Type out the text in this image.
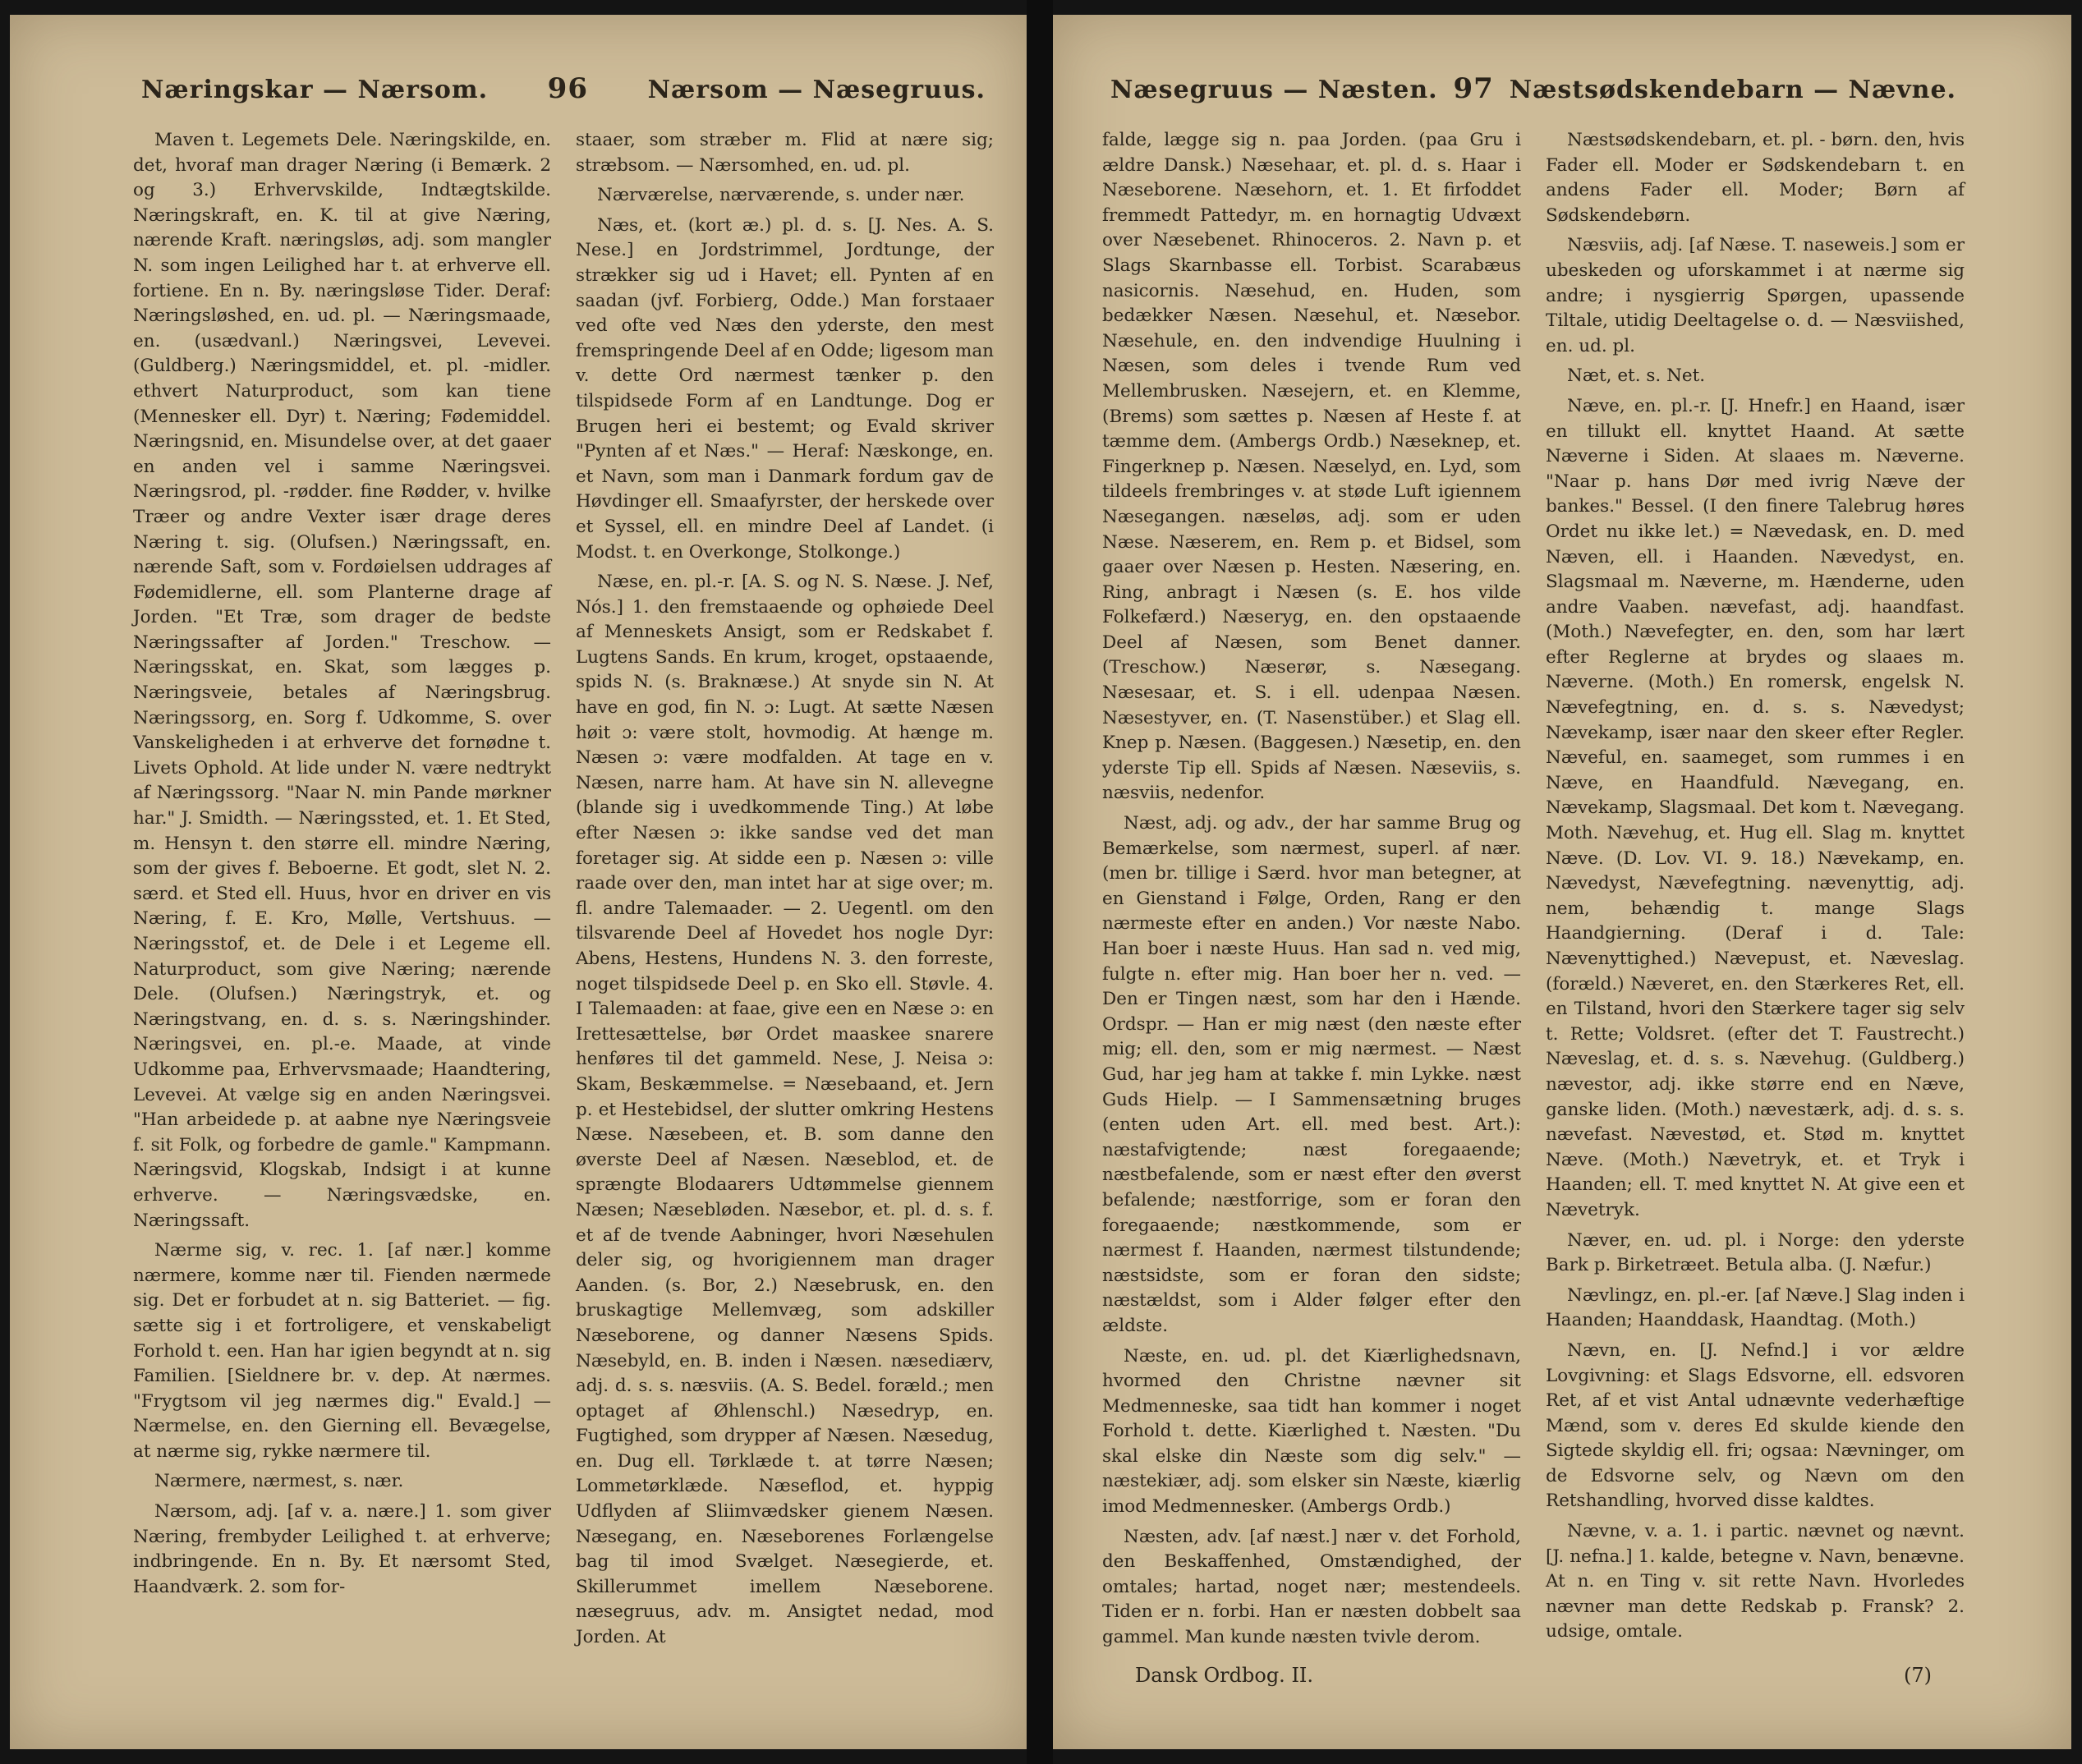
Næringskar — Nærsom. 96 Nærsom — Næsegruus.

Maven t. Legemets Dele. Næringskilde, en. det, hvoraf man drager Næring (i Bemærk. 2 og 3.) Erhvervskilde, Indtægtskilde. Næringskraft, en. K. til at give Næring, nærende Kraft. næringsløs, adj. som mangler N. som ingen Leilighed har t. at erhverve ell. fortiene. En n. By. næringsløse Tider. Deraf: Næringsløshed, en. ud. pl. — Næringsmaade, en. (usædvanl.) Næringsvei, Levevei. (Guldberg.) Næringsmiddel, et. pl. -midler. ethvert Naturproduct, som kan tiene (Mennesker ell. Dyr) t. Næring; Fødemiddel. Næringsnid, en. Misundelse over, at det gaaer en anden vel i samme Næringsvei. Næringsrod, pl. -rødder. fine Rødder, v. hvilke Træer og andre Vexter især drage deres Næring t. sig. (Olufsen.) Næringssaft, en. nærende Saft, som v. Fordøielsen uddrages af Fødemidlerne, ell. som Planterne drage af Jorden. "Et Træ, som drager de bedste Næringssafter af Jorden." Treschow. — Næringsskat, en. Skat, som lægges p. Næringsveie, betales af Næringsbrug. Næringssorg, en. Sorg f. Udkomme, S. over Vanskeligheden i at erhverve det fornødne t. Livets Ophold. At lide under N. være nedtrykt af Næringssorg. "Naar N. min Pande mørkner har." J. Smidth. — Næringssted, et. 1. Et Sted, m. Hensyn t. den større ell. mindre Næring, som der gives f. Beboerne. Et godt, slet N. 2. særd. et Sted ell. Huus, hvor en driver en vis Næring, f. E. Kro, Mølle, Vertshuus. — Næringsstof, et. de Dele i et Legeme ell. Naturproduct, som give Næring; nærende Dele. (Olufsen.) Næringstryk, et. og Næringstvang, en. d. s. s. Næringshinder. Næringsvei, en. pl.-e. Maade, at vinde Udkomme paa, Erhvervsmaade; Haandtering, Levevei. At vælge sig en anden Næringsvei. "Han arbeidede p. at aabne nye Næringsveie f. sit Folk, og forbedre de gamle." Kampmann. Næringsvid, Klogskab, Indsigt i at kunne erhverve. — Næringsvædske, en. Næringssaft.

Nærme sig, v. rec. 1. [af nær.] komme nærmere, komme nær til. Fienden nærmede sig. Det er forbudet at n. sig Batteriet. — fig. sætte sig i et fortroligere, et venskabeligt Forhold t. een. Han har igien begyndt at n. sig Familien. [Sieldnere br. v. dep. At nærmes. "Frygtsom vil jeg nærmes dig." Evald.] — Nærmelse, en. den Gierning ell. Bevægelse, at nærme sig, rykke nærmere til.

Nærmere, nærmest, s. nær.

Nærsom, adj. [af v. a. nære.] 1. som giver Næring, frembyder Leilighed t. at erhverve; indbringende. En n. By. Et nærsomt Sted, Haandværk. 2. som for-

staaer, som stræber m. Flid at nære sig; stræbsom. — Nærsomhed, en. ud. pl.

Nærværelse, nærværende, s. under nær.

Næs, et. (kort æ.) pl. d. s. [J. Nes. A. S. Nese.] en Jordstrimmel, Jordtunge, der strækker sig ud i Havet; ell. Pynten af en saadan (jvf. Forbierg, Odde.) Man forstaaer ved ofte ved Næs den yderste, den mest fremspringende Deel af en Odde; ligesom man v. dette Ord nærmest tænker p. den tilspidsede Form af en Landtunge. Dog er Brugen heri ei bestemt; og Evald skriver "Pynten af et Næs." — Heraf: Næskonge, en. et Navn, som man i Danmark fordum gav de Høvdinger ell. Smaafyrster, der herskede over et Syssel, ell. en mindre Deel af Landet. (i Modst. t. en Overkonge, Stolkonge.)

Næse, en. pl.-r. [A. S. og N. S. Næse. J. Nef, Nós.] 1. den fremstaaende og ophøiede Deel af Menneskets Ansigt, som er Redskabet f. Lugtens Sands. En krum, kroget, opstaaende, spids N. (s. Braknæse.) At snyde sin N. At have en god, fin N. ɔ: Lugt. At sætte Næsen høit ɔ: være stolt, hovmodig. At hænge m. Næsen ɔ: være modfalden. At tage en v. Næsen, narre ham. At have sin N. allevegne (blande sig i uvedkommende Ting.) At løbe efter Næsen ɔ: ikke sandse ved det man foretager sig. At sidde een p. Næsen ɔ: ville raade over den, man intet har at sige over; m. fl. andre Talemaader. — 2. Uegentl. om den tilsvarende Deel af Hovedet hos nogle Dyr: Abens, Hestens, Hundens N. 3. den forreste, noget tilspidsede Deel p. en Sko ell. Støvle. 4. I Talemaaden: at faae, give een en Næse ɔ: en Irettesættelse, bør Ordet maaskee snarere henføres til det gammeld. Nese, J. Neisa ɔ: Skam, Beskæmmelse. = Næsebaand, et. Jern p. et Hestebidsel, der slutter omkring Hestens Næse. Næsebeen, et. B. som danne den øverste Deel af Næsen. Næseblod, et. de sprængte Blodaarers Udtømmelse giennem Næsen; Næsebløden. Næsebor, et. pl. d. s. f. et af de tvende Aabninger, hvori Næsehulen deler sig, og hvorigiennem man drager Aanden. (s. Bor, 2.) Næsebrusk, en. den bruskagtige Mellemvæg, som adskiller Næseborene, og danner Næsens Spids. Næsebyld, en. B. inden i Næsen. næsediærv, adj. d. s. s. næsviis. (A. S. Bedel. foræld.; men optaget af Øhlenschl.) Næsedryp, en. Fugtighed, som drypper af Næsen. Næsedug, en. Dug ell. Tørklæde t. at tørre Næsen; Lommetørklæde. Næseflod, et. hyppig Udflyden af Sliimvædsker gienem Næsen. Næsegang, en. Næseborenes Forlængelse bag til imod Svælget. Næsegierde, et. Skillerummet imellem Næseborene. næsegruus, adv. m. Ansigtet nedad, mod Jorden. At

Næsegruus — Næsten. 97 Næstsødskendebarn — Nævne.

falde, lægge sig n. paa Jorden. (paa Gru i ældre Dansk.) Næsehaar, et. pl. d. s. Haar i Næseborene. Næsehorn, et. 1. Et firfoddet fremmedt Pattedyr, m. en hornagtig Udvæxt over Næsebenet. Rhinoceros. 2. Navn p. et Slags Skarnbasse ell. Torbist. Scarabæus nasicornis. Næsehud, en. Huden, som bedækker Næsen. Næsehul, et. Næsebor. Næsehule, en. den indvendige Huulning i Næsen, som deles i tvende Rum ved Mellembrusken. Næsejern, et. en Klemme, (Brems) som sættes p. Næsen af Heste f. at tæmme dem. (Ambergs Ordb.) Næseknep, et. Fingerknep p. Næsen. Næselyd, en. Lyd, som tildeels frembringes v. at støde Luft igiennem Næsegangen. næseløs, adj. som er uden Næse. Næserem, en. Rem p. et Bidsel, som gaaer over Næsen p. Hesten. Næsering, en. Ring, anbragt i Næsen (s. E. hos vilde Folkefærd.) Næseryg, en. den opstaaende Deel af Næsen, som Benet danner. (Treschow.) Næserør, s. Næsegang. Næsesaar, et. S. i ell. udenpaa Næsen. Næsestyver, en. (T. Nasenstüber.) et Slag ell. Knep p. Næsen. (Baggesen.) Næsetip, en. den yderste Tip ell. Spids af Næsen. Næseviis, s. næsviis, nedenfor.

Næst, adj. og adv., der har samme Brug og Bemærkelse, som nærmest, superl. af nær. (men br. tillige i Særd. hvor man betegner, at en Gienstand i Følge, Orden, Rang er den nærmeste efter en anden.) Vor næste Nabo. Han boer i næste Huus. Han sad n. ved mig, fulgte n. efter mig. Han boer her n. ved. — Den er Tingen næst, som har den i Hænde. Ordspr. — Han er mig næst (den næste efter mig; ell. den, som er mig nærmest. — Næst Gud, har jeg ham at takke f. min Lykke. næst Guds Hielp. — I Sammensætning bruges (enten uden Art. ell. med best. Art.): næstafvigtende; næst foregaaende; næstbefalende, som er næst efter den øverst befalende; næstforrige, som er foran den foregaaende; næstkommende, som er nærmest f. Haanden, nærmest tilstundende; næstsidste, som er foran den sidste; næstældst, som i Alder følger efter den ældste.

Næste, en. ud. pl. det Kiærlighedsnavn, hvormed den Christne nævner sit Medmenneske, saa tidt han kommer i noget Forhold t. dette. Kiærlighed t. Næsten. "Du skal elske din Næste som dig selv." — næstekiær, adj. som elsker sin Næste, kiærlig imod Medmennesker. (Ambergs Ordb.)

Næsten, adv. [af næst.] nær v. det Forhold, den Beskaffenhed, Omstændighed, der omtales; hartad, noget nær; mestendeels. Tiden er n. forbi. Han er næsten dobbelt saa gammel. Man kunde næsten tvivle derom.

Næstsødskendebarn, et. pl. - børn. den, hvis Fader ell. Moder er Sødskendebarn t. en andens Fader ell. Moder; Børn af Sødskendebørn.

Næsviis, adj. [af Næse. T. naseweis.] som er ubeskeden og uforskammet i at nærme sig andre; i nysgierrig Spørgen, upassende Tiltale, utidig Deeltagelse o. d. — Næsviished, en. ud. pl.

Næt, et. s. Net.

Næve, en. pl.-r. [J. Hnefr.] en Haand, især en tillukt ell. knyttet Haand. At sætte Næverne i Siden. At slaaes m. Næverne. "Naar p. hans Dør med ivrig Næve der bankes." Bessel. (I den finere Talebrug høres Ordet nu ikke let.) = Nævedask, en. D. med Næven, ell. i Haanden. Nævedyst, en. Slagsmaal m. Næverne, m. Hænderne, uden andre Vaaben. nævefast, adj. haandfast. (Moth.) Nævefegter, en. den, som har lært efter Reglerne at brydes og slaaes m. Næverne. (Moth.) En romersk, engelsk N. Nævefegtning, en. d. s. s. Nævedyst; Nævekamp, især naar den skeer efter Regler. Næveful, en. saameget, som rummes i en Næve, en Haandfuld. Nævegang, en. Nævekamp, Slagsmaal. Det kom t. Nævegang. Moth. Nævehug, et. Hug ell. Slag m. knyttet Næve. (D. Lov. VI. 9. 18.) Nævekamp, en. Nævedyst, Nævefegtning. nævenyttig, adj. nem, behændig t. mange Slags Haandgierning. (Deraf i d. Tale: Nævenyttighed.) Nævepust, et. Næveslag. (foræld.) Næveret, en. den Stærkeres Ret, ell. en Tilstand, hvori den Stærkere tager sig selv t. Rette; Voldsret. (efter det T. Faustrecht.) Næveslag, et. d. s. s. Nævehug. (Guldberg.) nævestor, adj. ikke større end en Næve, ganske liden. (Moth.) nævestærk, adj. d. s. s. nævefast. Nævestød, et. Stød m. knyttet Næve. (Moth.) Nævetryk, et. et Tryk i Haanden; ell. T. med knyttet N. At give een et Nævetryk.

Næver, en. ud. pl. i Norge: den yderste Bark p. Birketræet. Betula alba. (J. Næfur.)

Nævlingz, en. pl.-er. [af Næve.] Slag inden i Haanden; Haanddask, Haandtag. (Moth.)

Nævn, en. [J. Nefnd.] i vor ældre Lovgivning: et Slags Edsvorne, ell. edsvoren Ret, af et vist Antal udnævnte vederhæftige Mænd, som v. deres Ed skulde kiende den Sigtede skyldig ell. fri; ogsaa: Nævninger, om de Edsvorne selv, og Nævn om den Retshandling, hvorved disse kaldtes.

Nævne, v. a. 1. i partic. nævnet og nævnt. [J. nefna.] 1. kalde, betegne v. Navn, benævne. At n. en Ting v. sit rette Navn. Hvorledes nævner man dette Redskab p. Fransk? 2. udsige, omtale.

Dansk Ordbog. II.	(7)
